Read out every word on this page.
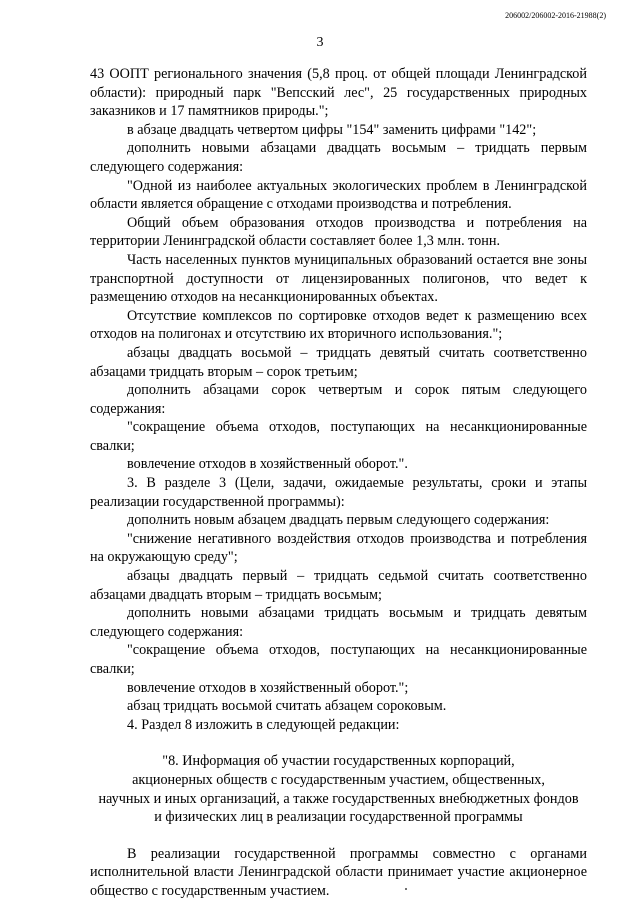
206002/206002-2016-21988(2)
3

43 ООПТ регионального значения (5,8 проц. от общей площади Ленинградской области): природный парк "Вепсский лес", 25 государственных природных заказников и 17 памятников природы.";

в абзаце двадцать четвертом цифры "154" заменить цифрами "142";

дополнить новыми абзацами двадцать восьмым – тридцать первым следующего содержания:

"Одной из наиболее актуальных экологических проблем в Ленинградской области является обращение с отходами производства и потребления.

Общий объем образования отходов производства и потребления на территории Ленинградской области составляет более 1,3 млн. тонн.

Часть населенных пунктов муниципальных образований остается вне зоны транспортной доступности от лицензированных полигонов, что ведет к размещению отходов на несанкционированных объектах.

Отсутствие комплексов по сортировке отходов ведет к размещению всех отходов на полигонах и отсутствию их вторичного использования.";

абзацы двадцать восьмой – тридцать девятый считать соответственно абзацами тридцать вторым – сорок третьим;

дополнить абзацами сорок четвертым и сорок пятым следующего содержания:

"сокращение объема отходов, поступающих на несанкционированные свалки;

вовлечение отходов в хозяйственный оборот.".

3. В разделе 3 (Цели, задачи, ожидаемые результаты, сроки и этапы реализации государственной программы):

дополнить новым абзацем двадцать первым следующего содержания:

"снижение негативного воздействия отходов производства и потребления на окружающую среду";

абзацы двадцать первый – тридцать седьмой считать соответственно абзацами двадцать вторым – тридцать восьмым;

дополнить новыми абзацами тридцать восьмым и тридцать девятым следующего содержания:

"сокращение объема отходов, поступающих на несанкционированные свалки;

вовлечение отходов в хозяйственный оборот.";

абзац тридцать восьмой считать абзацем сороковым.

4. Раздел 8 изложить в следующей редакции:

"8. Информация об участии государственных корпораций,
акционерных обществ с государственным участием, общественных,
научных и иных организаций, а также государственных внебюджетных фондов
и физических лиц в реализации государственной программы

В реализации государственной программы совместно с органами исполнительной власти Ленинградской области принимает участие акционерное общество с государственным участием.
